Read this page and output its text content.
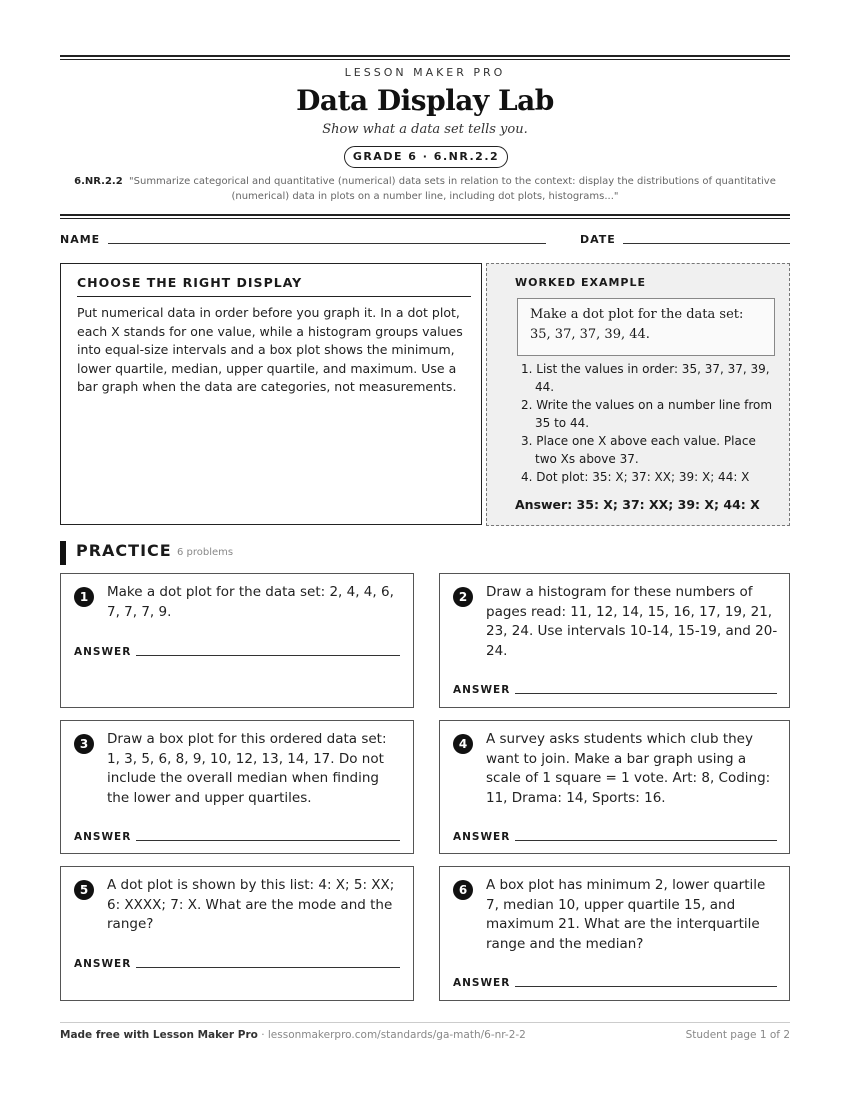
LESSON MAKER PRO
Data Display Lab
Show what a data set tells you.
GRADE 6 · 6.NR.2.2
6.NR.2.2 "Summarize categorical and quantitative (numerical) data sets in relation to the context: display the distributions of quantitative (numerical) data in plots on a number line, including dot plots, histograms..."
NAME	DATE
CHOOSE THE RIGHT DISPLAY
Put numerical data in order before you graph it. In a dot plot, each X stands for one value, while a histogram groups values into equal-size intervals and a box plot shows the minimum, lower quartile, median, upper quartile, and maximum. Use a bar graph when the data are categories, not measurements.
WORKED EXAMPLE
Make a dot plot for the data set: 35, 37, 37, 39, 44.
1. List the values in order: 35, 37, 37, 39, 44.
2. Write the values on a number line from 35 to 44.
3. Place one X above each value. Place two Xs above 37.
4. Dot plot: 35: X; 37: XX; 39: X; 44: X
Answer: 35: X; 37: XX; 39: X; 44: X
PRACTICE 6 problems
1	Make a dot plot for the data set: 2, 4, 4, 6, 7, 7, 7, 9.
ANSWER
2	Draw a histogram for these numbers of pages read: 11, 12, 14, 15, 16, 17, 19, 21, 23, 24. Use intervals 10-14, 15-19, and 20-24.
ANSWER
3	Draw a box plot for this ordered data set: 1, 3, 5, 6, 8, 9, 10, 12, 13, 14, 17. Do not include the overall median when finding the lower and upper quartiles.
ANSWER
4	A survey asks students which club they want to join. Make a bar graph using a scale of 1 square = 1 vote. Art: 8, Coding: 11, Drama: 14, Sports: 16.
ANSWER
5	A dot plot is shown by this list: 4: X; 5: XX; 6: XXXX; 7: X. What are the mode and the range?
ANSWER
6	A box plot has minimum 2, lower quartile 7, median 10, upper quartile 15, and maximum 21. What are the interquartile range and the median?
ANSWER
Made free with Lesson Maker Pro · lessonmakerpro.com/standards/ga-math/6-nr-2-2	Student page 1 of 2
